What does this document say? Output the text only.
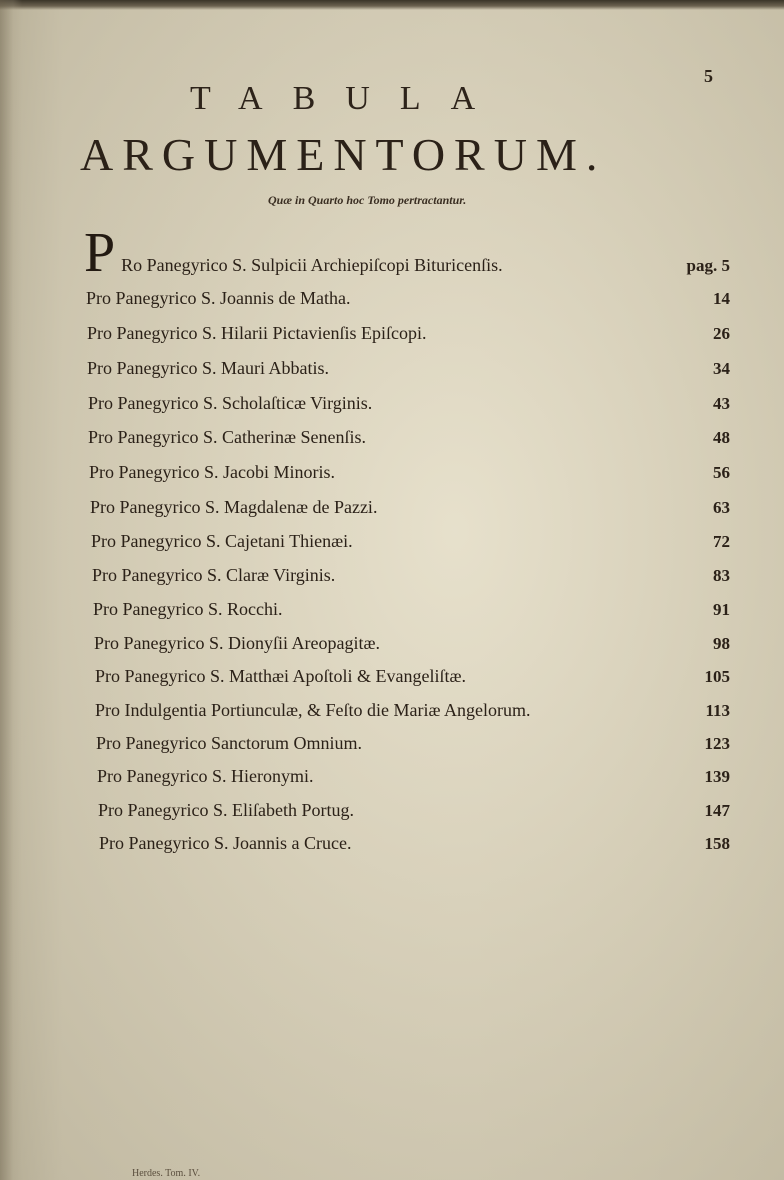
5
TABULA
ARGUMENTORUM.
Quæ in Quarto hoc Tomo pertractantur.
P Ro Panegyrico S. Sulpicii Archiepiſcopi Bituricenſis.	pag. 5
Pro Panegyrico S. Joannis de Matha.	14
Pro Panegyrico S. Hilarii Pictavienſis Epiſcopi.	26
Pro Panegyrico S. Mauri Abbatis.	34
Pro Panegyrico S. Scholaſticæ Virginis.	43
Pro Panegyrico S. Catherinæ Senenſis.	48
Pro Panegyrico S. Jacobi Minoris.	56
Pro Panegyrico S. Magdalenæ de Pazzi.	63
Pro Panegyrico S. Cajetani Thienæi.	72
Pro Panegyrico S. Claræ Virginis.	83
Pro Panegyrico S. Rocchi.	91
Pro Panegyrico S. Dionyſii Areopagitæ.	98
Pro Panegyrico S. Matthæi Apoſtoli & Evangeliſtæ.	105
Pro Indulgentia Portiunculæ, & Feſto die Mariæ Angelorum.	113
Pro Panegyrico Sanctorum Omnium.	123
Pro Panegyrico S. Hieronymi.	139
Pro Panegyrico S. Eliſabeth Portug.	147
Pro Panegyrico S. Joannis a Cruce.	158
Herdes. Tom. IV.
